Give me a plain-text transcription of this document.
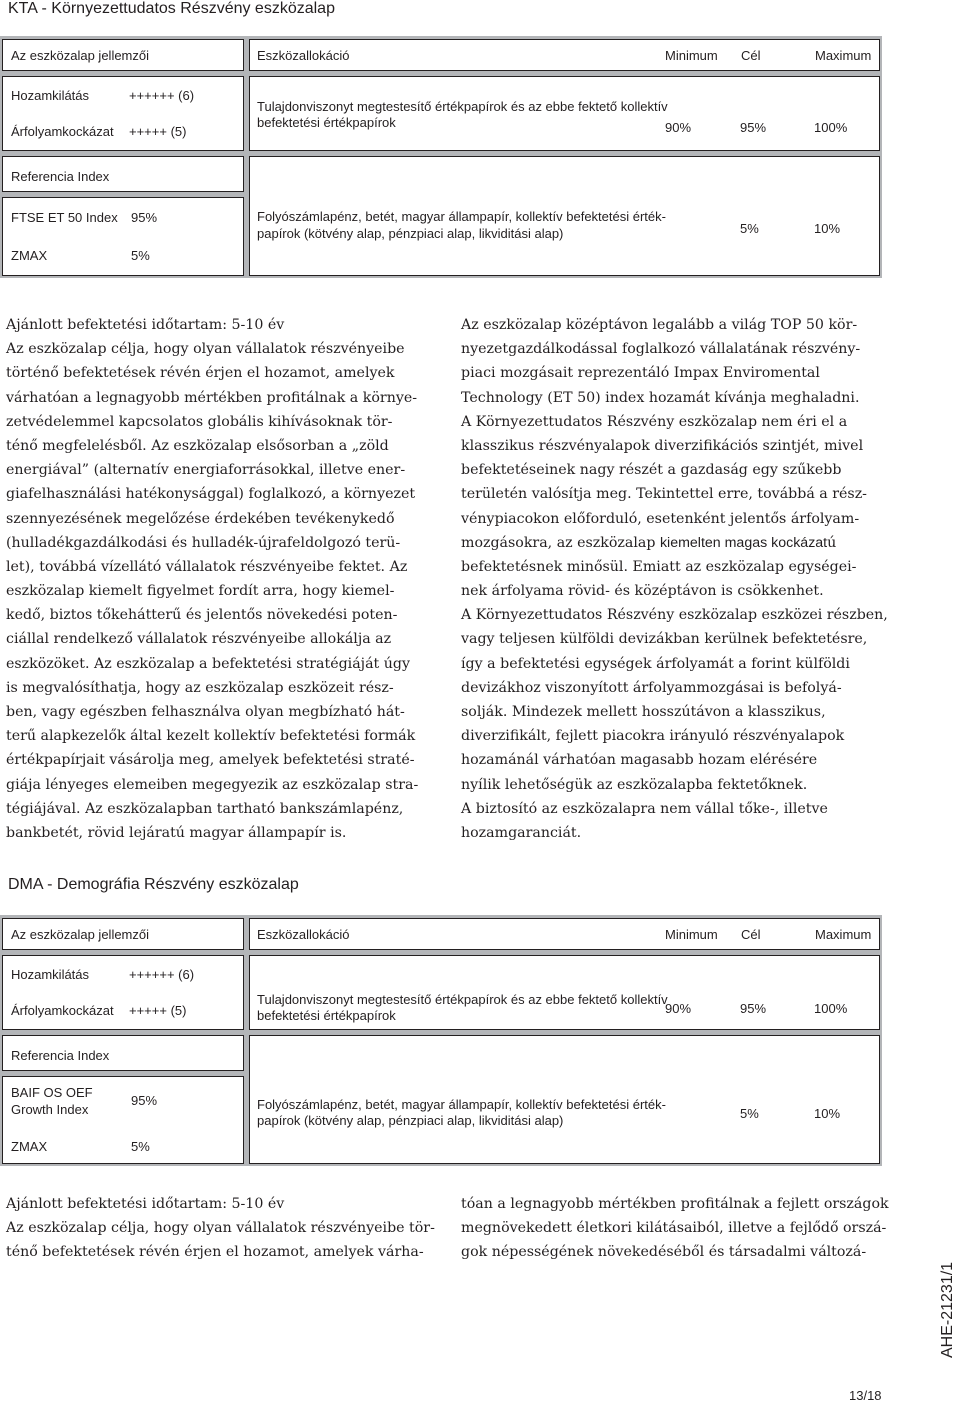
KTA - Környezettudatos Részvény eszközalap
Az eszközalap jellemzői	Eszközallokáció	Minimum Cél	Maximum
Hozamkilátás	++++++ (6)
Árfolyamkockázat +++++ (5)
Tulajdonviszonyt megtestesítő értékpapírok és az ebbe fektető kollektív
befektetési értékpapírok	90%	95%	100%
Referencia Index
FTSE ET 50 Index 95%
ZMAX	5%
Folyószámlapénz, betét, magyar állampapír, kollektív befektetési érték-
papírok (kötvény alap, pénzpiaci alap, likviditási alap)	5%	10%
Ajánlott befektetési időtartam: 5-10 év
Az eszközalap célja, hogy olyan vállalatok részvényeibe
történő befektetések révén érjen el hozamot, amelyek
várhatóan a legnagyobb mértékben profitálnak a környe-
zetvédelemmel kapcsolatos globális kihívásoknak tör-
ténő megfelelésből. Az eszközalap elsősorban a „zöld
energiával” (alternatív energiaforrásokkal, illetve ener-
giafelhasználási hatékonysággal) foglalkozó, a környezet
szennyezésének megelőzése érdekében tevékenykedő
(hulladékgazdálkodási és hulladék-újrafeldolgozó terü-
let), továbbá vízellátó vállalatok részvényeibe fektet. Az
eszközalap kiemelt figyelmet fordít arra, hogy kiemel-
kedő, biztos tőkehátterű és jelentős növekedési poten-
ciállal rendelkező vállalatok részvényeibe allokálja az
eszközöket. Az eszközalap a befektetési stratégiáját úgy
is megvalósíthatja, hogy az eszközalap eszközeit rész-
ben, vagy egészben felhasználva olyan megbízható hát-
terű alapkezelők által kezelt kollektív befektetési formák
értékpapírjait vásárolja meg, amelyek befektetési straté-
giája lényeges elemeiben megegyezik az eszközalap stra-
tégiájával. Az eszközalapban tartható bankszámlapénz,
bankbetét, rövid lejáratú magyar állampapír is.
Az eszközalap középtávon legalább a világ TOP 50 kör-
nyezetgazdálkodással foglalkozó vállalatának részvény-
piaci mozgásait reprezentáló Impax Enviromental
Technology (ET 50) index hozamát kívánja meghaladni.
A Környezettudatos Részvény eszközalap nem éri el a
klasszikus részvényalapok diverzifikációs szintjét, mivel
befektetéseinek nagy részét a gazdaság egy szűkebb
területén valósítja meg. Tekintettel erre, továbbá a rész-
vénypiacokon előforduló, esetenként jelentős árfolyam-
mozgásokra, az eszközalap kiemelten magas kockázatú
befektetésnek minősül. Emiatt az eszközalap egységei-
nek árfolyama rövid- és középtávon is csökkenhet.
A Környezettudatos Részvény eszközalap eszközei részben,
vagy teljesen külföldi devizákban kerülnek befektetésre,
így a befektetési egységek árfolyamát a forint külföldi
devizákhoz viszonyított árfolyammozgásai is befolyá-
solják. Mindezek mellett hosszútávon a klasszikus,
diverzifikált, fejlett piacokra irányuló részvényalapok
hozamánál várhatóan magasabb hozam elérésére
nyílik lehetőségük az eszközalapba fektetőknek.
A biztosító az eszközalapra nem vállal tőke-, illetve
hozamgaranciát.
DMA - Demográfia Részvény eszközalap
Az eszközalap jellemzői	Eszközallokáció	Minimum Cél	Maximum
Hozamkilátás	++++++ (6)
Árfolyamkockázat +++++ (5)
Tulajdonviszonyt megtestesítő értékpapírok és az ebbe fektető kollektív
befektetési értékpapírok	90%	95%	100%
Referencia Index
BAIF OS OEF
Growth Index
95%
ZMAX	5%
Folyószámlapénz, betét, magyar állampapír, kollektív befektetési érték-
papírok (kötvény alap, pénzpiaci alap, likviditási alap)	5%	10%
Ajánlott befektetési időtartam: 5-10 év
Az eszközalap célja, hogy olyan vállalatok részvényeibe tör-
ténő befektetések révén érjen el hozamot, amelyek várha-
tóan a legnagyobb mértékben profitálnak a fejlett országok
megnövekedett életkori kilátásaiból, illetve a fejlődő orszá-
gok népességének növekedéséből és társadalmi változá-
AHE-21231/1
13/18
